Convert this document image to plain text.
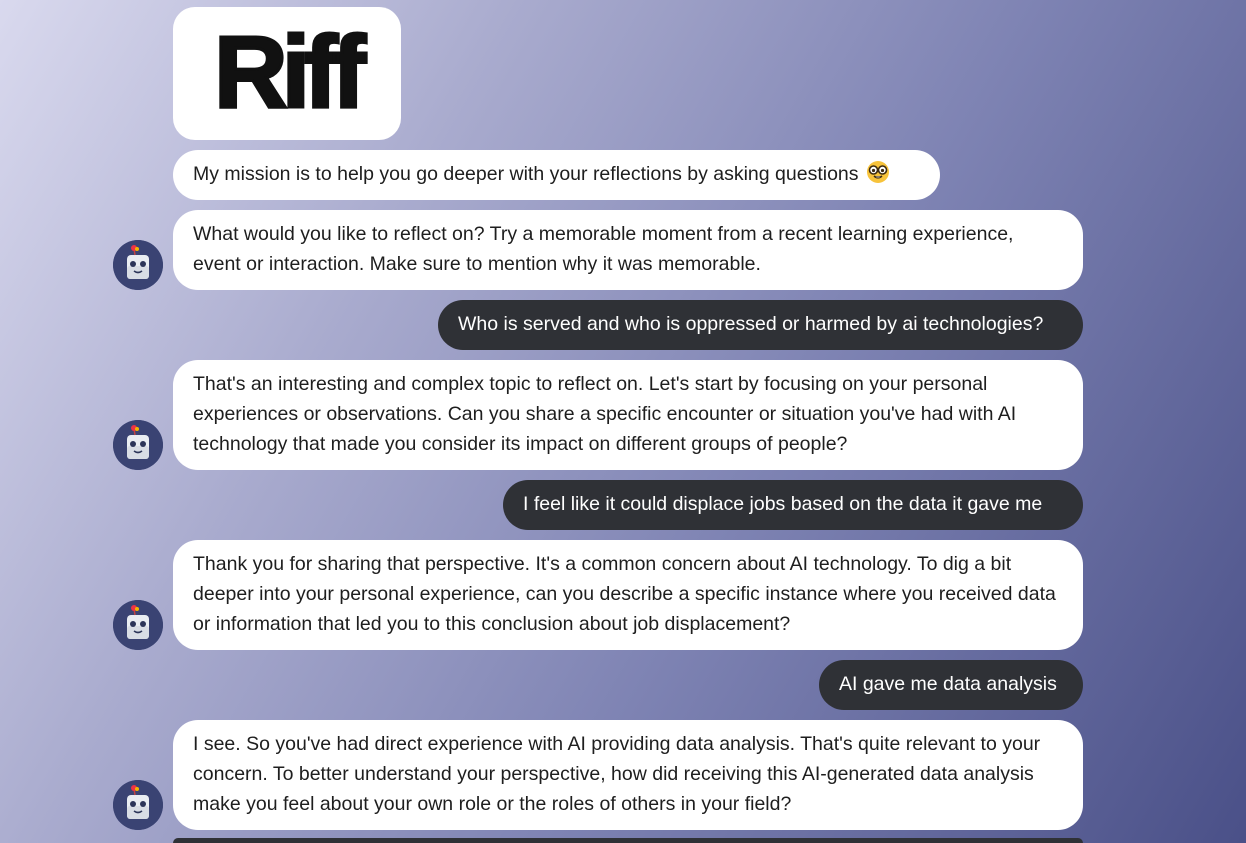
Riff
My mission is to help you go deeper with your reflections by asking questions
What would you like to reflect on? Try a memorable moment from a recent learning experience, event or interaction. Make sure to mention why it was memorable.
Who is served and who is oppressed or harmed by ai technologies?
That's an interesting and complex topic to reflect on. Let's start by focusing on your personal experiences or observations. Can you share a specific encounter or situation you've had with AI technology that made you consider its impact on different groups of people?
I feel like it could displace jobs based on the data it gave me
Thank you for sharing that perspective. It's a common concern about AI technology. To dig a bit deeper into your personal experience, can you describe a specific instance where you received data or information that led you to this conclusion about job displacement?
AI gave me data analysis
I see. So you've had direct experience with AI providing data analysis. That's quite relevant to your concern. To better understand your perspective, how did receiving this AI-generated data analysis make you feel about your own role or the roles of others in your field?
